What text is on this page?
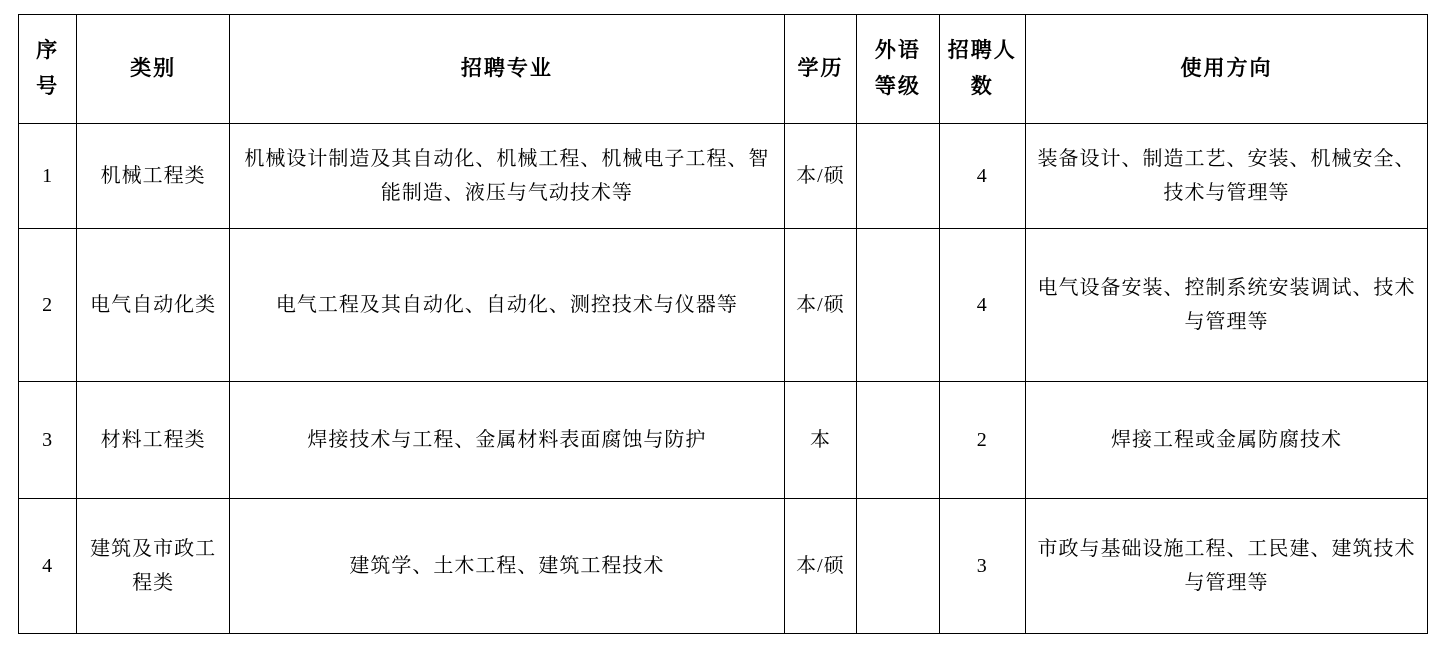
序号	类别	招聘专业	学历	外语等级	招聘人数	使用方向
1	机械工程类	机械设计制造及其自动化、机械工程、机械电子工程、智能制造、液压与气动技术等	本/硕		4	装备设计、制造工艺、安装、机械安全、技术与管理等
2	电气自动化类	电气工程及其自动化、自动化、测控技术与仪器等	本/硕		4	电气设备安装、控制系统安装调试、技术与管理等
3	材料工程类	焊接技术与工程、金属材料表面腐蚀与防护	本		2	焊接工程或金属防腐技术
4	建筑及市政工程类	建筑学、土木工程、建筑工程技术	本/硕		3	市政与基础设施工程、工民建、建筑技术与管理等
